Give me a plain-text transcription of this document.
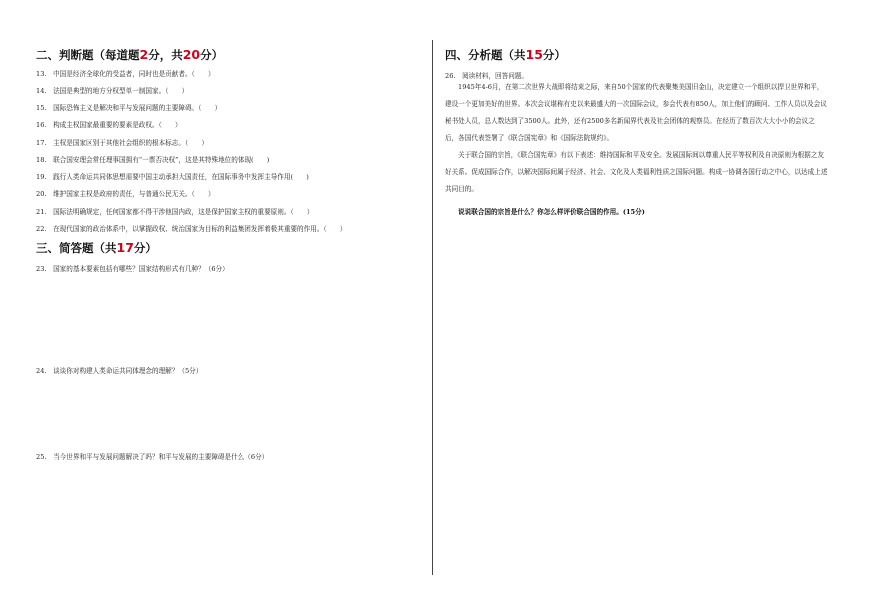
二、判断题（每道题2分，共20分）
13.　中国是经济全球化的受益者，同时也是贡献者。（　　）
14.　法国是典型的地方分权型单一制国家。（　　）
15.　国际恐怖主义是解决和平与发展问题的主要障碍。（　　）
16.　构成主权国家最重要的要素是政权。（　　）
17.　主权是国家区别于其他社会组织的根本标志。（　　）
18.　联合国安理会常任理事国拥有“一票否决权”，这是其特殊地位的体现(　　)
19.　践行人类命运共同体思想需要中国主动承担大国责任，在国际事务中发挥主导作用(　　)
20.　维护国家主权是政府的责任，与普通公民无关。（　　）
21.　国际法明确规定，任何国家都不得干涉他国内政，这是保护国家主权的重要原则。（　　）
22.　在现代国家的政治体系中，以掌握政权、统治国家为目标的利益集团发挥着极其重要的作用。（　　）
三、简答题（共17分）
23.　国家的基本要素包括有哪些？国家结构形式有几种？（6分）
24.　谈谈你对构建人类命运共同体理念的理解？（5分）
25.　当今世界和平与发展问题解决了吗？和平与发展的主要障碍是什么（6分）
四、分析题（共15分）
26.　阅读材料，回答问题。
1945年4-6月，在第二次世界大战即将结束之际，来自50个国家的代表聚集美国旧金山，决定建立一个组织以捍卫世界和平，建设一个更加美好的世界。本次会议堪称有史以来最盛大的一次国际会议，参会代表有850人，加上他们的顾问、工作人员以及会议秘书处人员，总人数达到了3500人。此外，还有2500多名新闻界代表及社会团体的观察员。在经历了数百次大大小小的会议之后，各国代表签署了《联合国宪章》和《国际法院规约》。
关于联合国的宗旨，《联合国宪章》有以下表述：维持国际和平及安全。发展国际间以尊重人民平等权利及自决原则为根据之友好关系。促成国际合作，以解决国际间属于经济、社会、文化及人类福利性质之国际问题。构成一协调各国行动之中心，以达成上述共同目的。
说说联合国的宗旨是什么？你怎么样评价联合国的作用。(15分)
